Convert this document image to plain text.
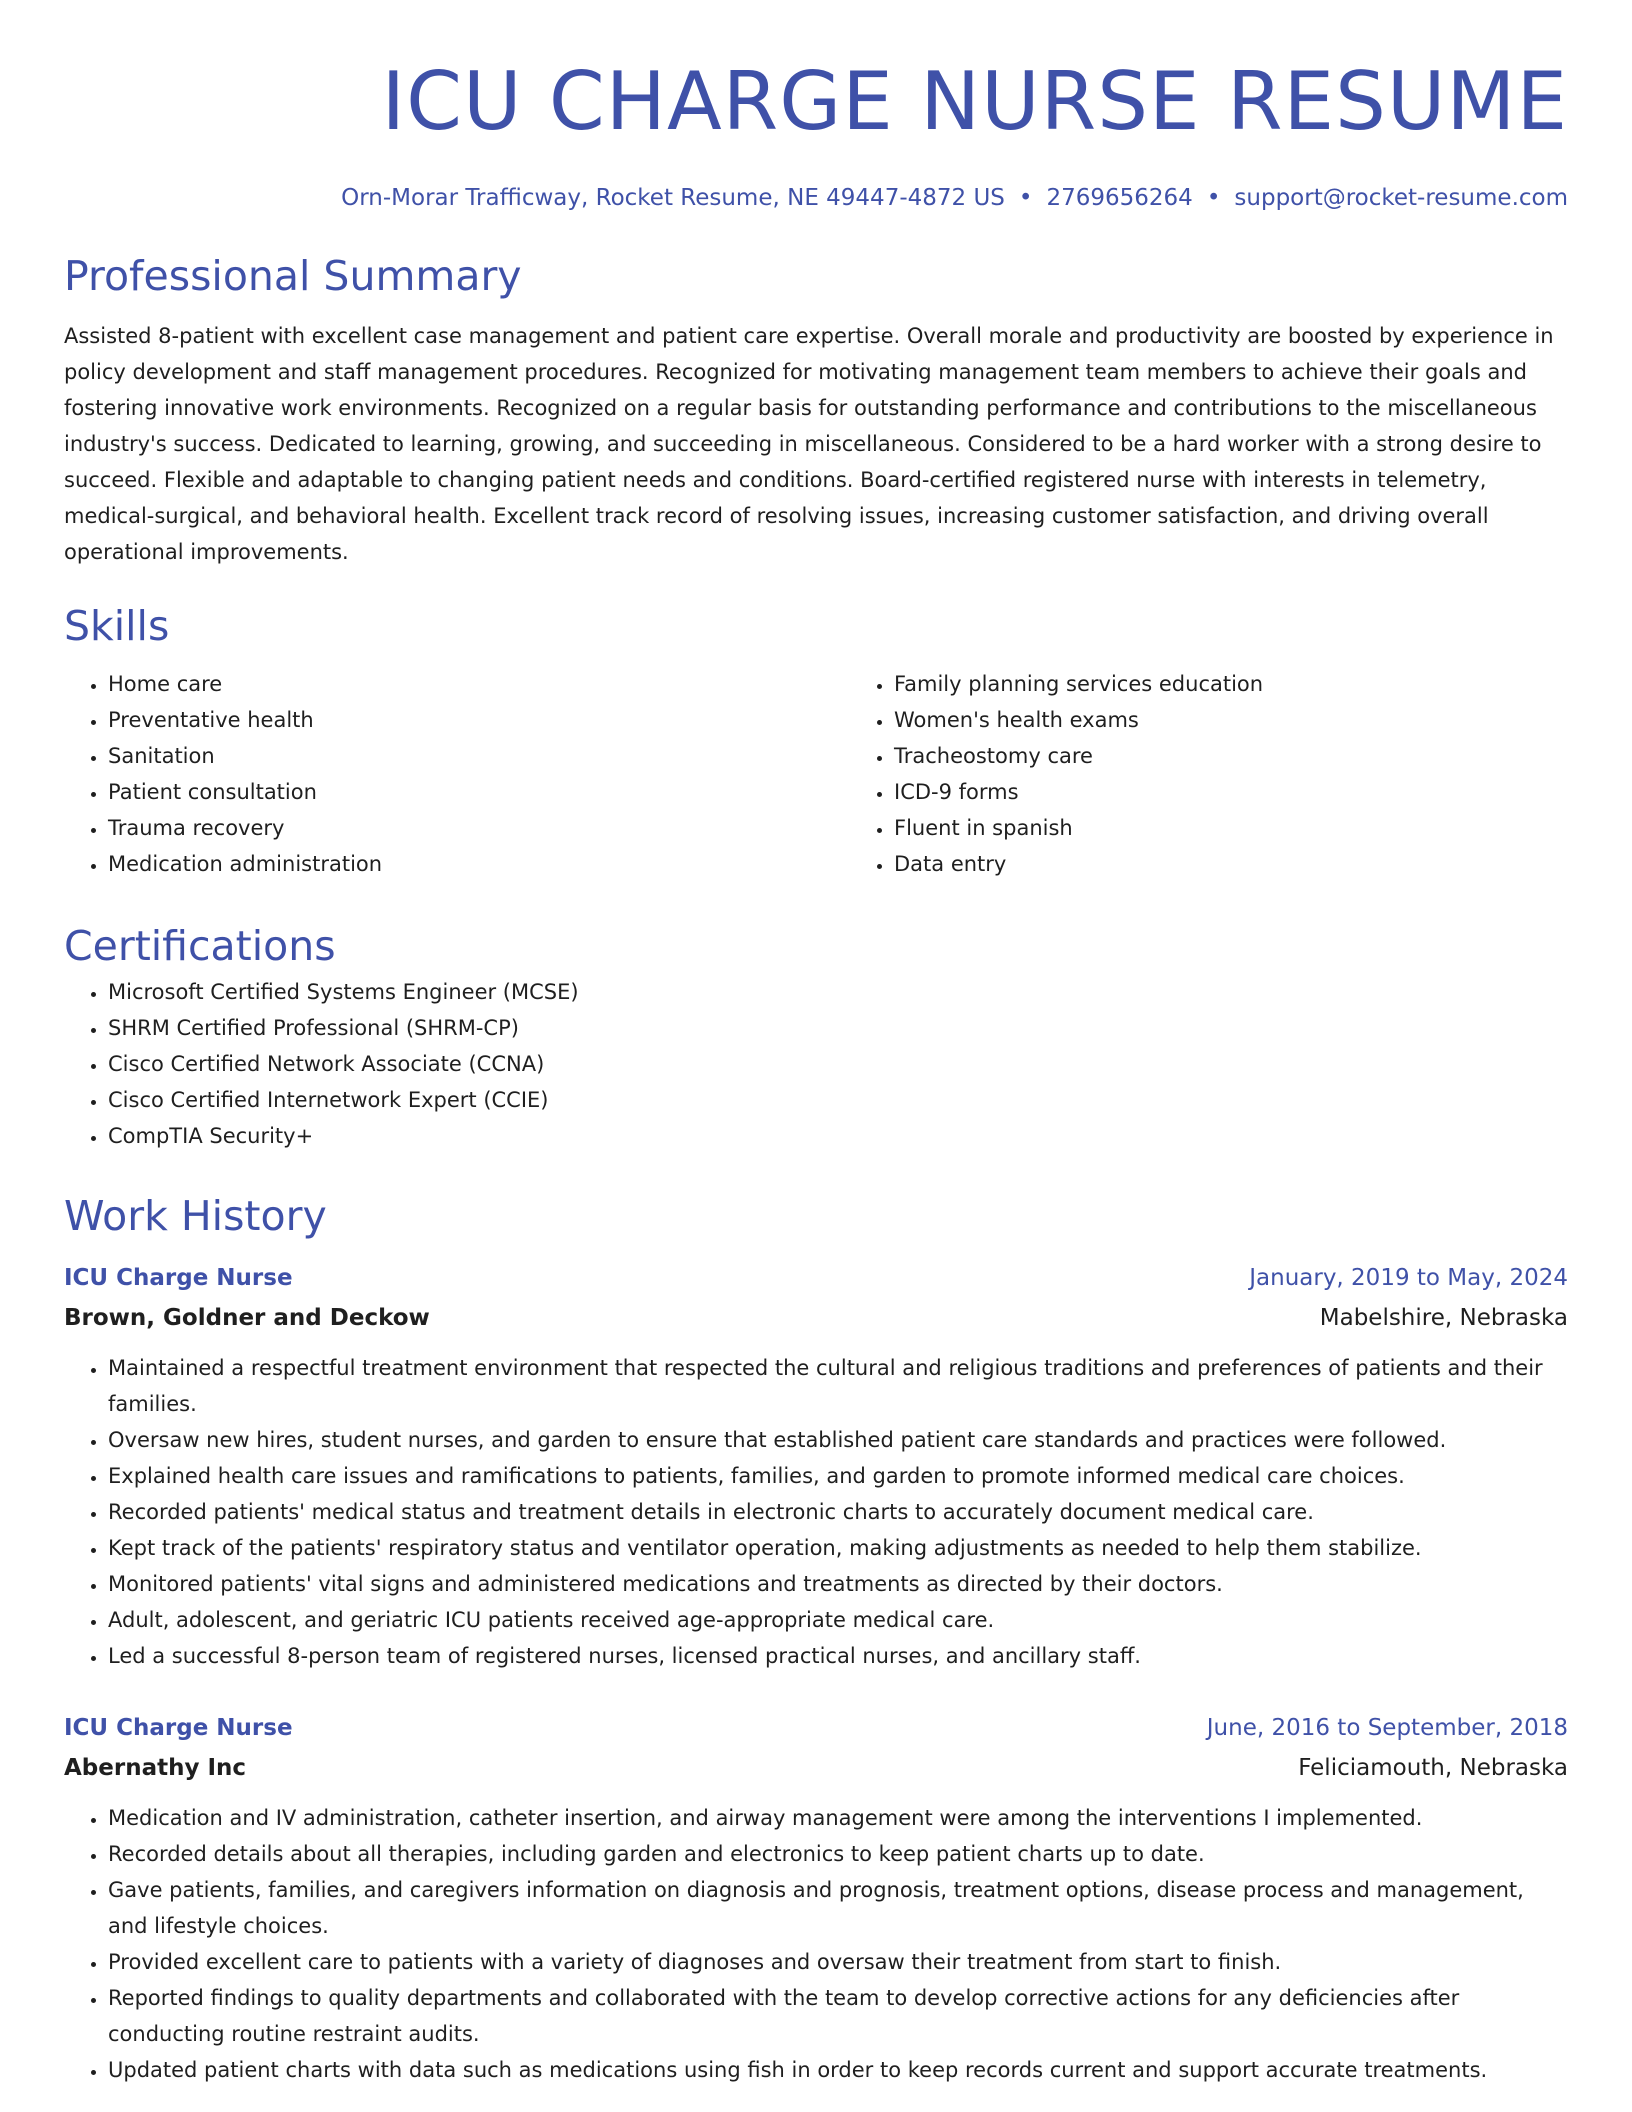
ICU CHARGE NURSE RESUME
Orn-Morar Trafficway, Rocket Resume, NE 49447-4872 US • 2769656264 • support@rocket-resume.com
Professional Summary

Assisted 8-patient with excellent case management and patient care expertise. Overall morale and productivity are boosted by experience in policy development and staff management procedures. Recognized for motivating management team members to achieve their goals and fostering innovative work environments. Recognized on a regular basis for outstanding performance and contributions to the miscellaneous industry's success. Dedicated to learning, growing, and succeeding in miscellaneous. Considered to be a hard worker with a strong desire to succeed. Flexible and adaptable to changing patient needs and conditions. Board-certified registered nurse with interests in telemetry, medical-surgical, and behavioral health. Excellent track record of resolving issues, increasing customer satisfaction, and driving overall operational improvements.

Skills
• Home care
• Preventative health
• Sanitation
• Patient consultation
• Trauma recovery
• Medication administration
• Family planning services education
• Women's health exams
• Tracheostomy care
• ICD-9 forms
• Fluent in spanish
• Data entry
Certifications
• Microsoft Certified Systems Engineer (MCSE)
• SHRM Certified Professional (SHRM-CP)
• Cisco Certified Network Associate (CCNA)
• Cisco Certified Internetwork Expert (CCIE)
• CompTIA Security+
Work History
ICU Charge Nurse	January, 2019 to May, 2024
Brown, Goldner and Deckow	Mabelshire, Nebraska
• Maintained a respectful treatment environment that respected the cultural and religious traditions and preferences of patients and their families.
• Oversaw new hires, student nurses, and garden to ensure that established patient care standards and practices were followed.
• Explained health care issues and ramifications to patients, families, and garden to promote informed medical care choices.
• Recorded patients' medical status and treatment details in electronic charts to accurately document medical care.
• Kept track of the patients' respiratory status and ventilator operation, making adjustments as needed to help them stabilize.
• Monitored patients' vital signs and administered medications and treatments as directed by their doctors.
• Adult, adolescent, and geriatric ICU patients received age-appropriate medical care.
• Led a successful 8-person team of registered nurses, licensed practical nurses, and ancillary staff.
ICU Charge Nurse	June, 2016 to September, 2018
Abernathy Inc	Feliciamouth, Nebraska
• Medication and IV administration, catheter insertion, and airway management were among the interventions I implemented.
• Recorded details about all therapies, including garden and electronics to keep patient charts up to date.
• Gave patients, families, and caregivers information on diagnosis and prognosis, treatment options, disease process and management, and lifestyle choices.
• Provided excellent care to patients with a variety of diagnoses and oversaw their treatment from start to finish.
• Reported findings to quality departments and collaborated with the team to develop corrective actions for any deficiencies after conducting routine restraint audits.
• Updated patient charts with data such as medications using fish in order to keep records current and support accurate treatments.
